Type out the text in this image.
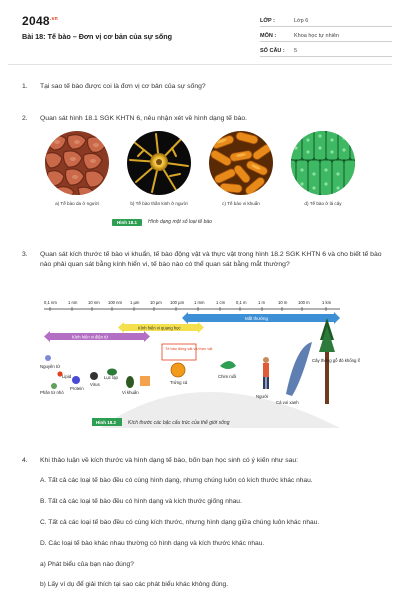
$2048^{.vn}$
Bài 18: Tế bào – Đơn vị cơ bản của sự sống
LỚP :	Lớp 6
MÔN :	Khoa học tự nhiên
SỐ CÂU :	5
1.	Tại sao tế bào được coi là đơn vị cơ bản của sự sống?
2.	Quan sát hình 18.1 SGK KHTN 6, nêu nhận xét về hình dạng tế bào.
a) Tế bào da ở người	b) Tế bào thần kinh ở người	c) Tế bào vi khuẩn	d) Tế bào ở lá cây
Hình 18.1	Hình dạng một số loại tế bào
3.	Quan sát kích thước tế bào vi khuẩn, tế bào động vật và thực vật trong hình 18.2 SGK KHTN 6 và cho biết tế bào nào phải quan sát bằng kính hiển vi, tế bào nào có thể quan sát bằng mắt thường?
0,1 nm	1 nm	10 nm 100 nm 1 µm	10 µm 100 µm 1 mm	1 cm	0,1 m	1 m	10 m	100 m	1 km
Mắt thường
Kính hiển vi quang học
Kính hiển vi điện tử
Tế bào động vật và thực vật
Nguyên tử
Lipid
Phân tử nhỏ
Protein
Virus
Lục lạp
Vi khuẩn
Trứng cá
Chim ruồi
Người
Cá voi xanh
Cây thông gỗ đỏ khổng lồ
Hình 18.2 Kích thước các bậc cấu trúc của thế giới sống
4.	Khi thảo luận về kích thước và hình dạng tế bào, bốn bạn học sinh có ý kiến như sau:
A. Tất cả các loại tế bào đều có cùng hình dạng, nhưng chúng luôn có kích thước khác nhau.
B. Tất cả các loại tế bào đều có hình dạng và kích thước giống nhau.
C. Tất cả các loại tế bào đều có cùng kích thước, nhưng hình dạng giữa chúng luôn khác nhau.
D. Các loại tế bào khác nhau thường có hình dạng và kích thước khác nhau.
a) Phát biểu của bạn nào đúng?
b) Lấy ví dụ để giải thích tại sao các phát biểu khác không đúng.
